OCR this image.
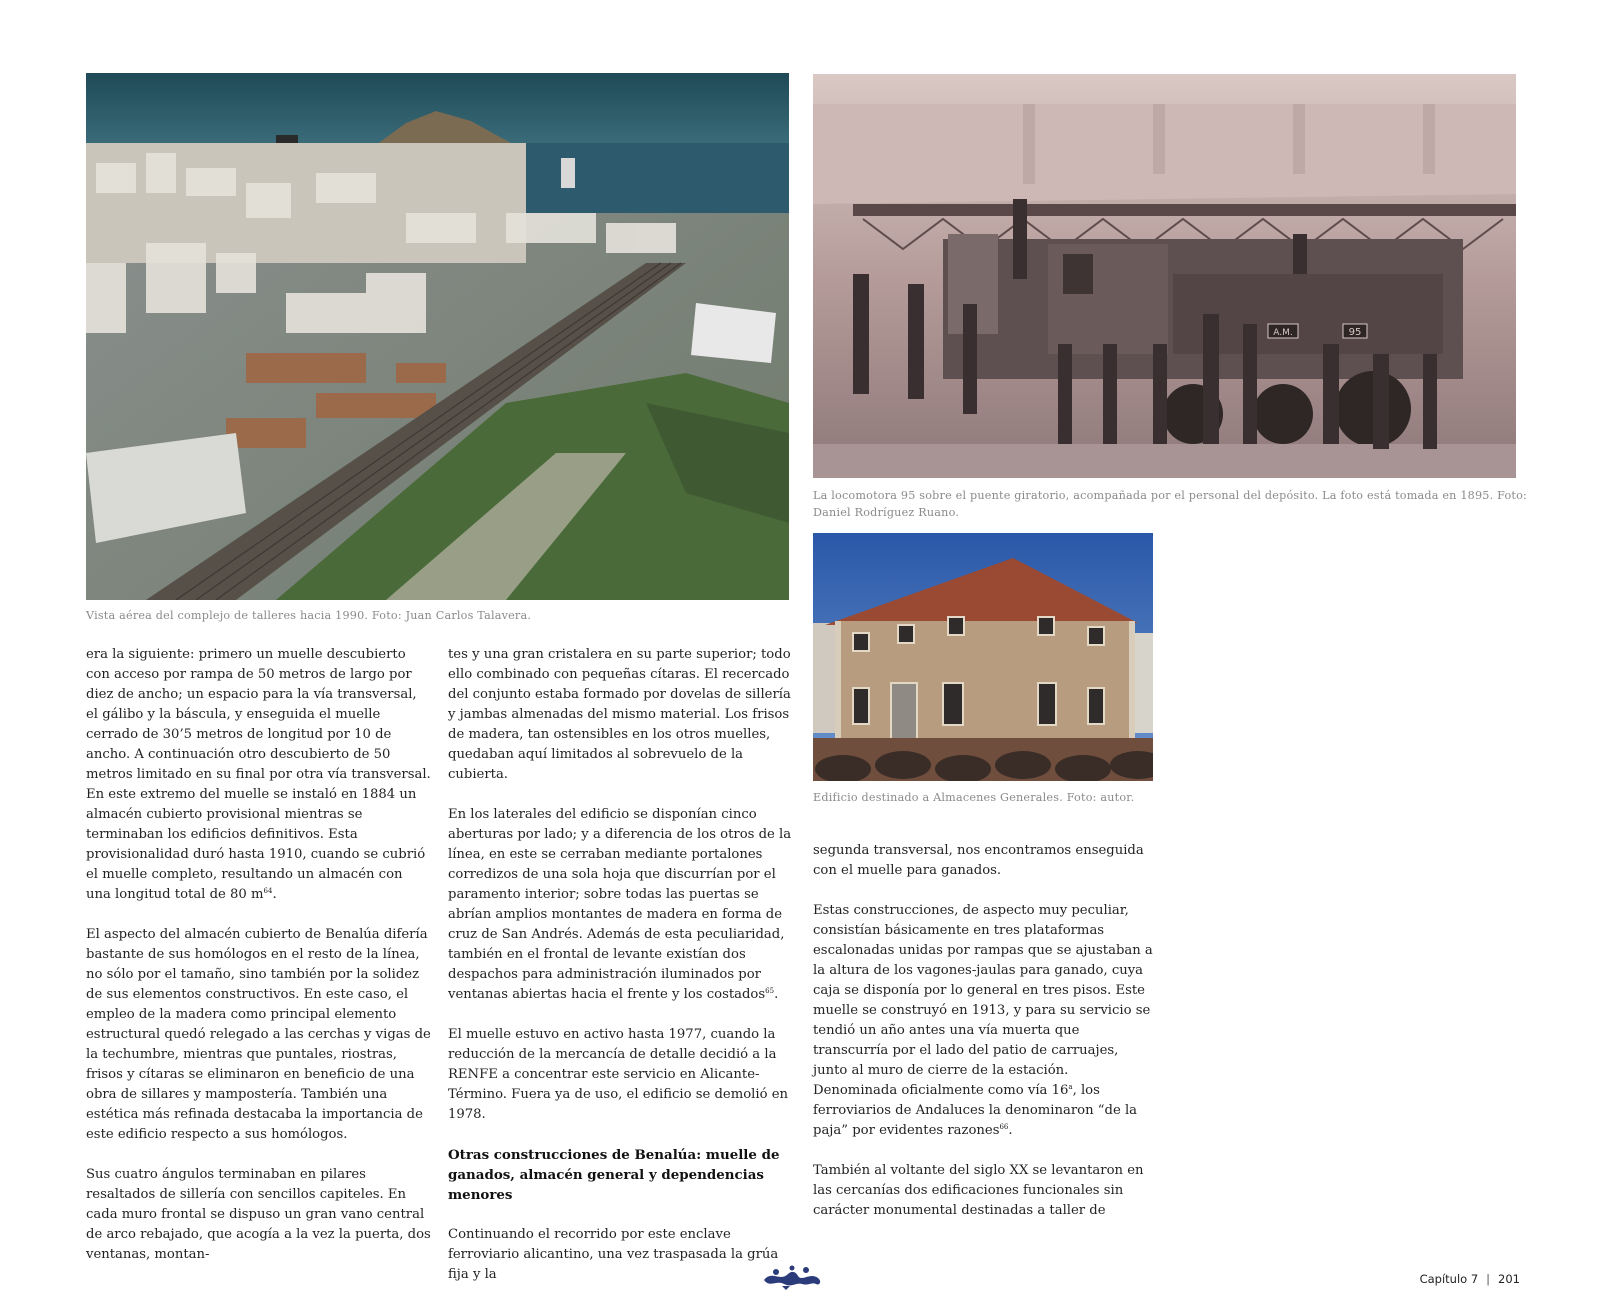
Vista aérea del complejo de talleres hacia 1990. Foto: Juan Carlos Talavera.
A.M.	95
La locomotora 95 sobre el puente giratorio, acompañada por el personal del depósito. La foto está tomada en 1895. Foto:
Daniel Rodríguez Ruano.
Edificio destinado a Almacenes Generales. Foto: autor.

era la siguiente: primero un muelle descubierto con acceso por rampa de 50 metros de largo por diez de ancho; un espacio para la vía transversal, el gálibo y la báscula, y enseguida el muelle cerrado de 30’5 metros de longitud por 10 de ancho. A continuación otro descubierto de 50 metros limitado en su final por otra vía transversal. En este extremo del muelle se instaló en 1884 un almacén cubierto provisional mientras se terminaban los edificios definitivos. Esta provisionalidad duró hasta 1910, cuando se cubrió el muelle completo, resultando un almacén con una longitud total de 80 $m^{64}$.

El aspecto del almacén cubierto de Benalúa difería bastante de sus homólogos en el resto de la línea, no sólo por el tamaño, sino también por la solidez de sus elementos constructivos. En este caso, el empleo de la madera como principal elemento estructural quedó relegado a las cerchas y vigas de la techumbre, mientras que puntales, riostras, frisos y cítaras se eliminaron en beneficio de una obra de sillares y mampostería. También una estética más refinada destacaba la importancia de este edificio respecto a sus homólogos.

Sus cuatro ángulos terminaban en pilares resaltados de sillería con sencillos capiteles. En cada muro frontal se dispuso un gran vano central de arco rebajado, que acogía a la vez la puerta, dos ventanas, montan-

tes y una gran cristalera en su parte superior; todo ello combinado con pequeñas cítaras. El recercado del conjunto estaba formado por dovelas de sillería y jambas almenadas del mismo material. Los frisos de madera, tan ostensibles en los otros muelles, quedaban aquí limitados al sobrevuelo de la cubierta.

En los laterales del edificio se disponían cinco aberturas por lado; y a diferencia de los otros de la línea, en este se cerraban mediante portalones corredizos de una sola hoja que discurrían por el paramento interior; sobre todas las puertas se abrían amplios montantes de madera en forma de cruz de San Andrés. Además de esta peculiaridad, también en el frontal de levante existían dos despachos para administración iluminados por ventanas abiertas hacia el frente y los costados$^{65}$.

El muelle estuvo en activo hasta 1977, cuando la reducción de la mercancía de detalle decidió a la RENFE a concentrar este servicio en Alicante-Término. Fuera ya de uso, el edificio se demolió en 1978.

Otras construcciones de Benalúa: muelle de ganados, almacén general y dependencias menores

Continuando el recorrido por este enclave ferroviario alicantino, una vez traspasada la grúa fija y la

segunda transversal, nos encontramos enseguida con el muelle para ganados.

Estas construcciones, de aspecto muy peculiar, consistían básicamente en tres plataformas escalonadas unidas por rampas que se ajustaban a la altura de los vagones-jaulas para ganado, cuya caja se disponía por lo general en tres pisos. Este muelle se construyó en 1913, y para su servicio se tendió un año antes una vía muerta que transcurría por el lado del patio de carruajes, junto al muro de cierre de la estación. Denominada oficialmente como vía 16$^a$, los ferroviarios de Andaluces la denominaron “de la paja” por evidentes razones$^{66}$.

También al voltante del siglo XX se levantaron en las cercanías dos edificaciones funcionales sin carácter monumental destinadas a taller de

Capítulo 7 | 201
